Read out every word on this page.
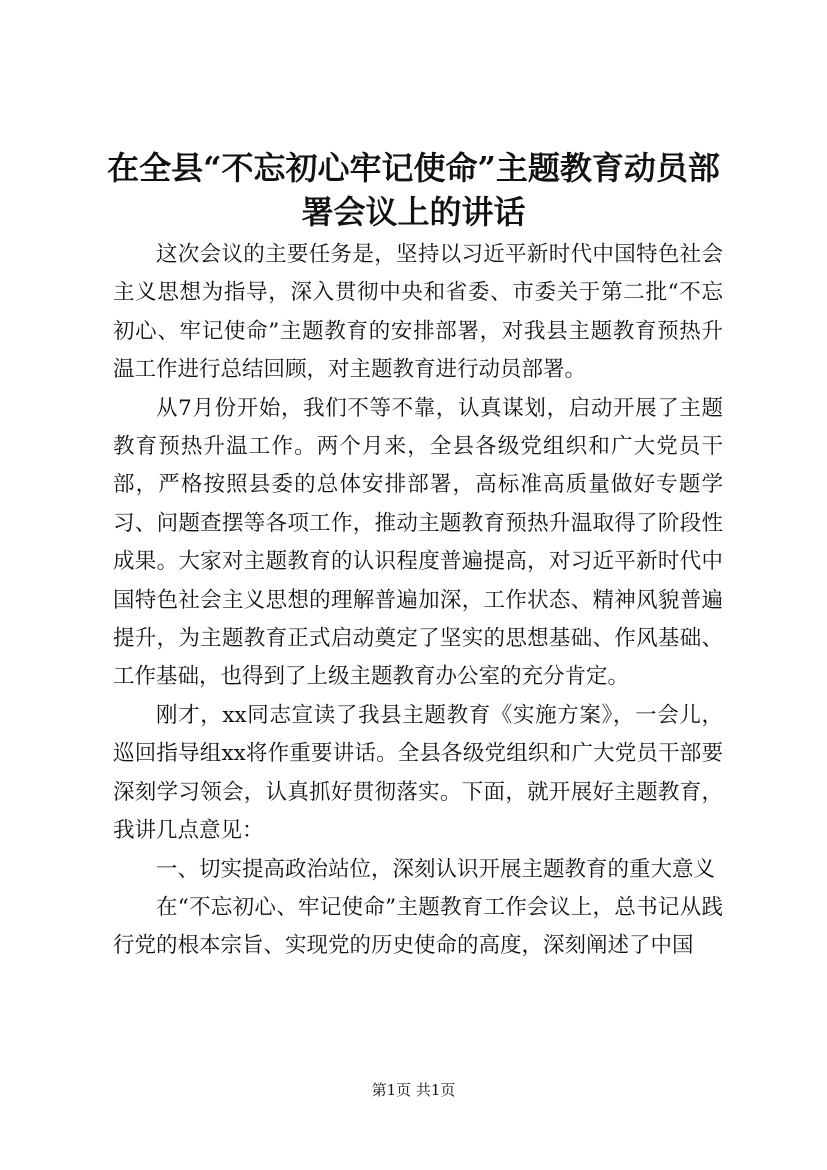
在全县“不忘初心牢记使命”主题教育动员部署会议上的讲话

这次会议的主要任务是，坚持以习近平新时代中国特色社会主义思想为指导，深入贯彻中央和省委、市委关于第二批“不忘初心、牢记使命”主题教育的安排部署，对我县主题教育预热升温工作进行总结回顾，对主题教育进行动员部署。

从7月份开始，我们不等不靠，认真谋划，启动开展了主题教育预热升温工作。两个月来，全县各级党组织和广大党员干部，严格按照县委的总体安排部署，高标准高质量做好专题学习、问题查摆等各项工作，推动主题教育预热升温取得了阶段性成果。大家对主题教育的认识程度普遍提高，对习近平新时代中国特色社会主义思想的理解普遍加深，工作状态、精神风貌普遍提升，为主题教育正式启动奠定了坚实的思想基础、作风基础、工作基础，也得到了上级主题教育办公室的充分肯定。

刚才，xx同志宣读了我县主题教育《实施方案》，一会儿，巡回指导组xx将作重要讲话。全县各级党组织和广大党员干部要深刻学习领会，认真抓好贯彻落实。下面，就开展好主题教育，我讲几点意见：

一、切实提高政治站位，深刻认识开展主题教育的重大意义

在“不忘初心、牢记使命”主题教育工作会议上，总书记从践行党的根本宗旨、实现党的历史使命的高度，深刻阐述了中国

第1页 共1页
